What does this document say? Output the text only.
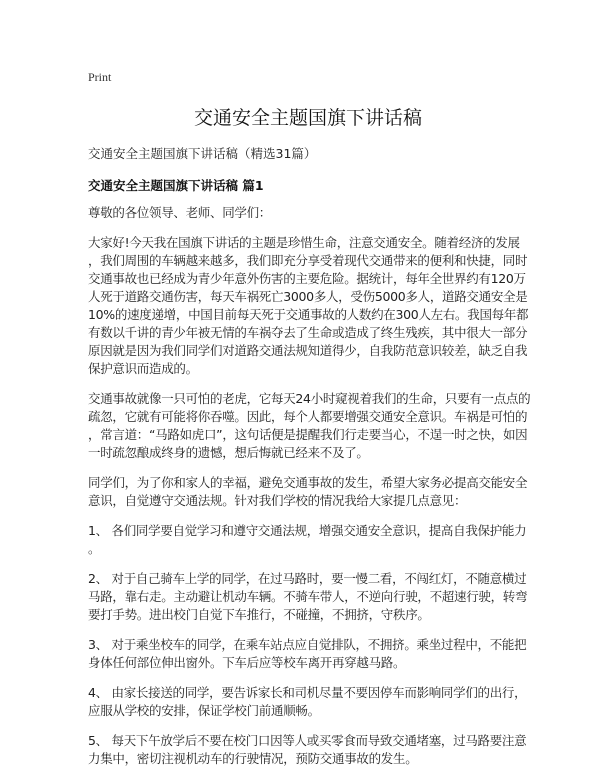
Print
交通安全主题国旗下讲话稿
交通安全主题国旗下讲话稿（精选31篇）
交通安全主题国旗下讲话稿 篇1
尊敬的各位领导、老师、同学们：
大家好!今天我在国旗下讲话的主题是珍惜生命，注意交通安全。随着经济的发展
，我们周围的车辆越来越多，我们即充分享受着现代交通带来的便利和快捷，同时
交通事故也已经成为青少年意外伤害的主要危险。据统计，每年全世界约有120万
人死于道路交通伤害，每天车祸死亡3000多人，受伤5000多人，道路交通安全是
10%的速度递增，中国目前每天死于交通事故的人数约在300人左右。我国每年都
有数以千讲的青少年被无情的车祸夺去了生命或造成了终生残疾，其中很大一部分
原因就是因为我们同学们对道路交通法规知道得少，自我防范意识较差，缺乏自我
保护意识而造成的。
交通事故就像一只可怕的老虎，它每天24小时窥视着我们的生命，只要有一点点的
疏忽，它就有可能将你吞噬。因此，每个人都要增强交通安全意识。车祸是可怕的
，常言道：“马路如虎口”，这句话便是提醒我们行走要当心，不逞一时之快，如因
一时疏忽酿成终身的遗憾，想后悔就已经来不及了。
同学们，为了你和家人的幸福，避免交通事故的发生，希望大家务必提高交能安全
意识，自觉遵守交通法规。针对我们学校的情况我给大家提几点意见：
1、 各们同学要自觉学习和遵守交通法规，增强交通安全意识，提高自我保护能力
。
2、 对于自己骑车上学的同学，在过马路时，要一慢二看，不闯红灯，不随意横过
马路，靠右走。主动避让机动车辆。不骑车带人，不逆向行驶，不超速行驶，转弯
要打手势。进出校门自觉下车推行，不碰撞，不拥挤，守秩序。
3、 对于乘坐校车的同学，在乘车站点应自觉排队，不拥挤。乘坐过程中，不能把
身体任何部位伸出窗外。下车后应等校车离开再穿越马路。
4、 由家长接送的同学，要告诉家长和司机尽量不要因停车而影响同学们的出行，
应服从学校的安排，保证学校门前通顺畅。
5、 每天下午放学后不要在校门口因等人或买零食而导致交通堵塞，过马路要注意
力集中，密切注视机动车的行驶情况，预防交通事故的发生。
